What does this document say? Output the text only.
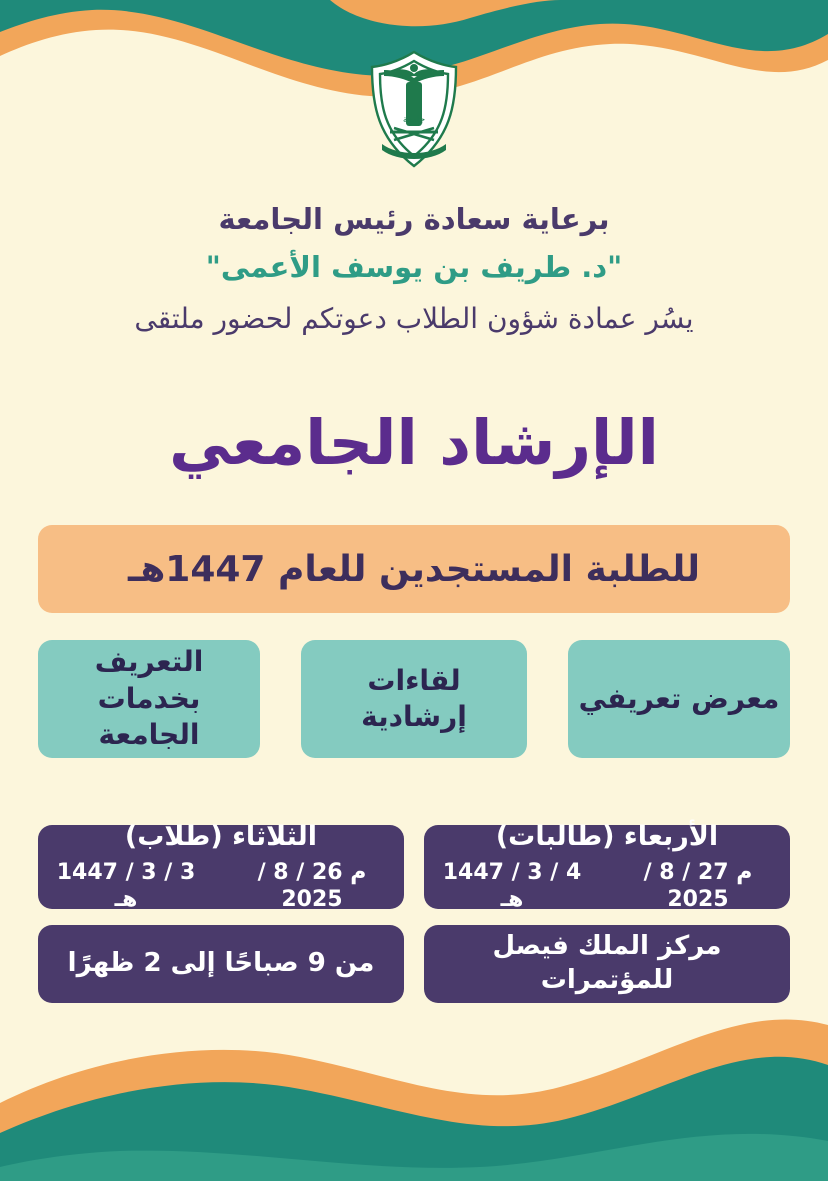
جامعة
برعاية سعادة رئيس الجامعة
"د. طريف بن يوسف الأعمى"
يسُر عمادة شؤون الطلاب دعوتكم لحضور ملتقى
الإرشاد الجامعي
للطلبة المستجدين للعام 1447هـ
التعريف بخدمات الجامعة
لقاءات إرشادية
معرض تعريفي
الثلاثاء (طلاب)
3 / 3 / 1447 هـ
م 26 / 8 / 2025
الأربعاء (طالبات)
4 / 3 / 1447 هـ
م 27 / 8 / 2025
من 9 صباحًا إلى 2 ظهرًا
مركز الملك فيصل للمؤتمرات
